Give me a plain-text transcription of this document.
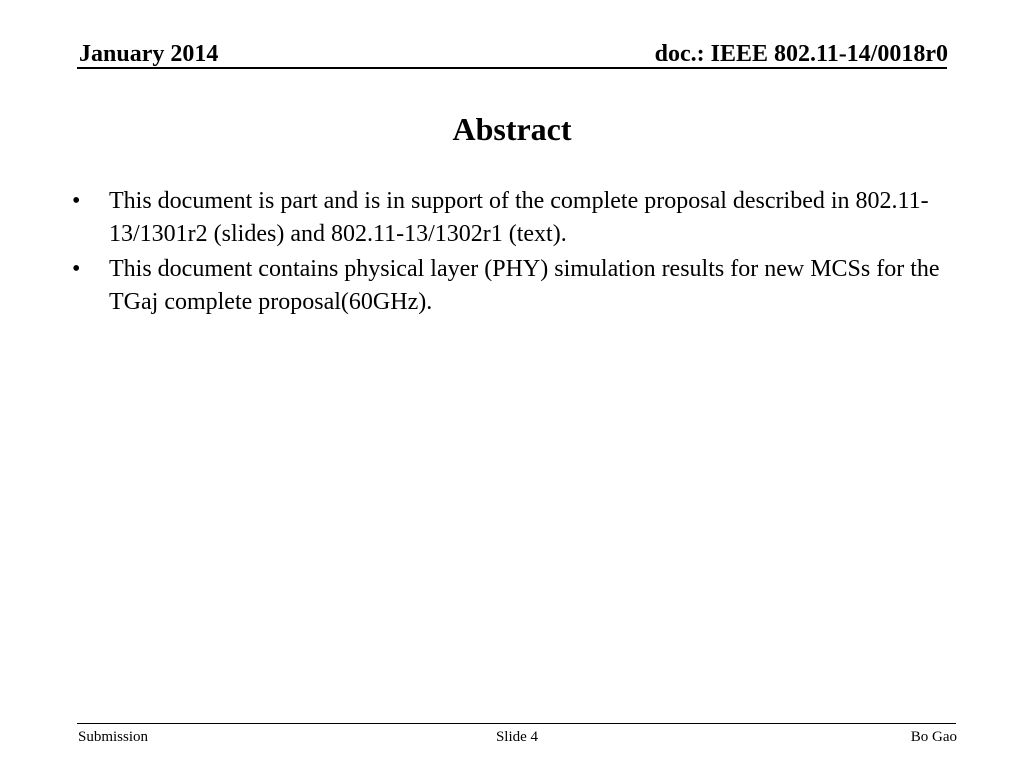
January 2014	doc.: IEEE 802.11-14/0018r0
Abstract
•	This document is part and is in support of the complete proposal described in 802.11-13/1301r2 (slides) and 802.11-13/1302r1 (text).
•	This document contains physical layer (PHY) simulation results for new MCSs for the TGaj complete proposal(60GHz).
Submission	Slide 4	Bo Gao
